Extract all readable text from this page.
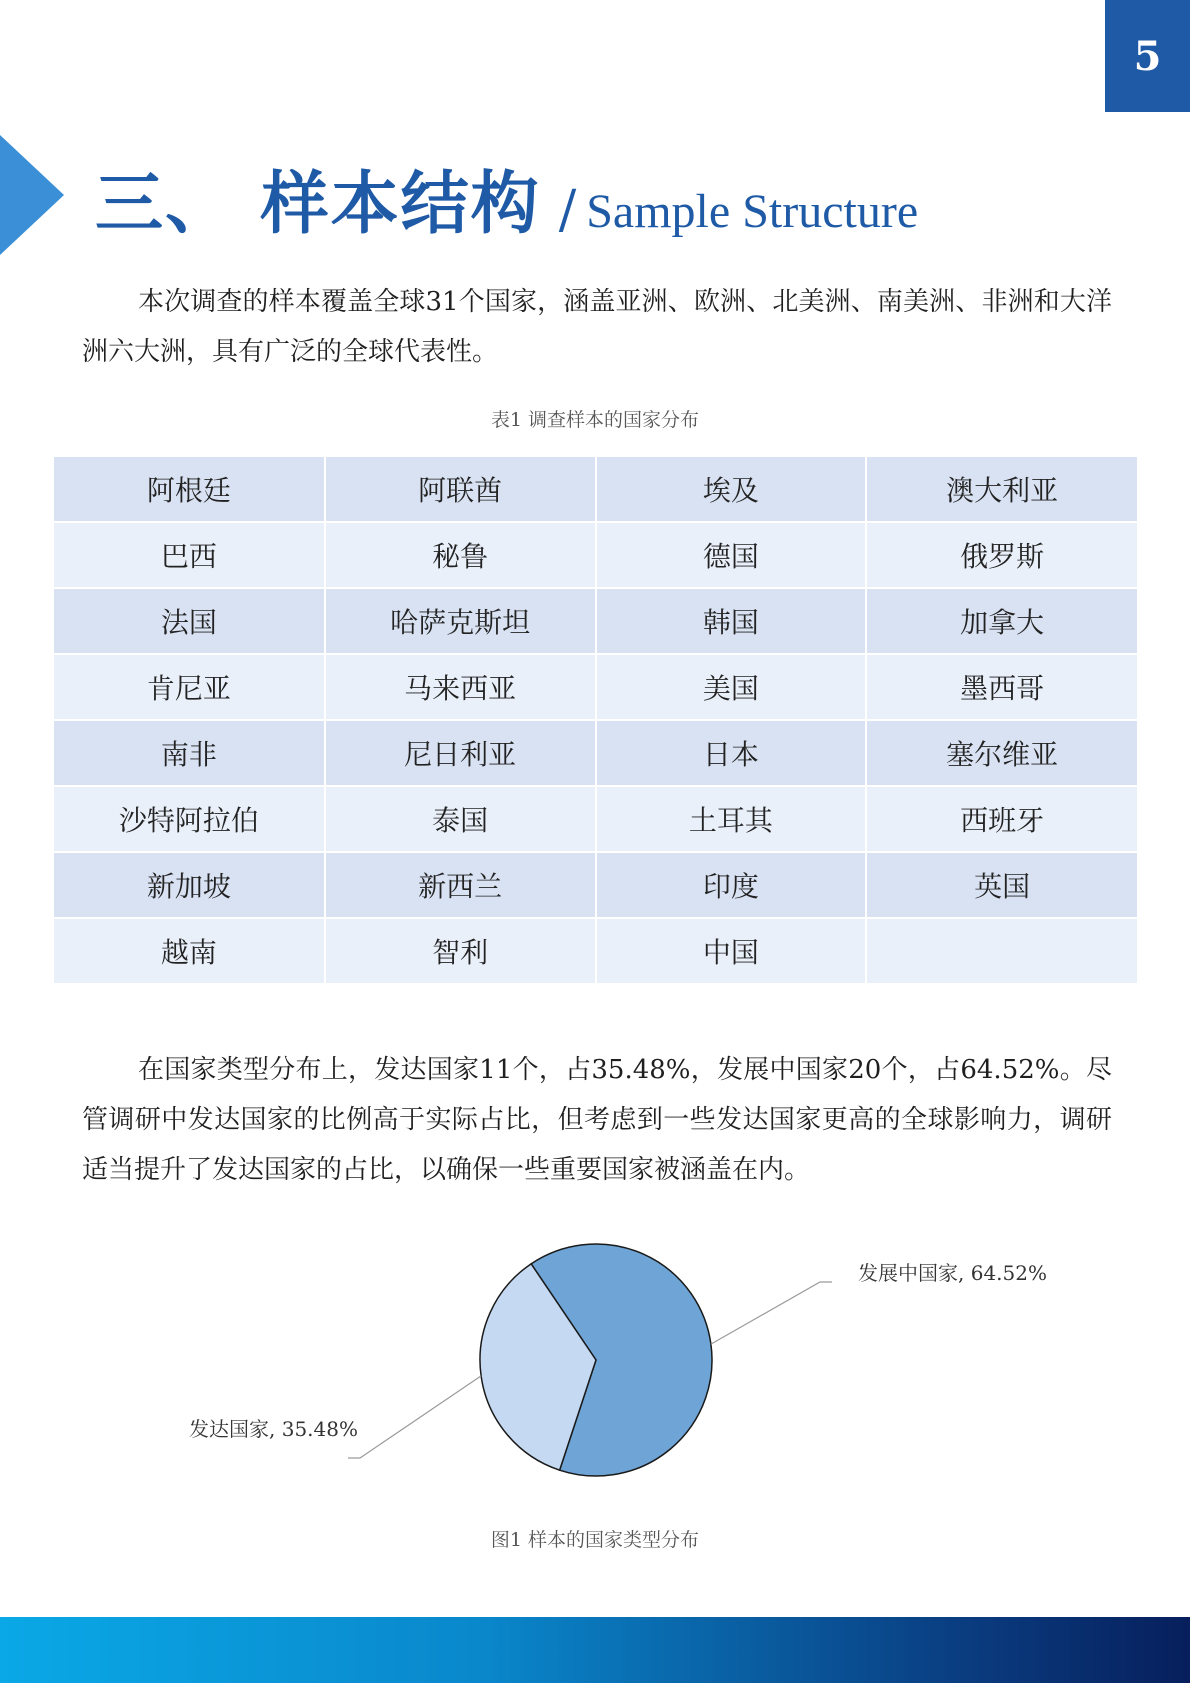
5
三、 样本结构 / Sample Structure

本次调查的样本覆盖全球31个国家，涵盖亚洲、欧洲、北美洲、南美洲、非洲和大洋洲六大洲，具有广泛的全球代表性。

表1 调查样本的国家分布
阿根廷	阿联酋	埃及	澳大利亚
巴西	秘鲁	德国	俄罗斯
法国	哈萨克斯坦	韩国	加拿大
肯尼亚	马来西亚	美国	墨西哥
南非	尼日利亚	日本	塞尔维亚
沙特阿拉伯	泰国	土耳其	西班牙
新加坡	新西兰	印度	英国
越南	智利	中国	

在国家类型分布上，发达国家11个，占35.48%，发展中国家20个，占64.52%。尽管调研中发达国家的比例高于实际占比，但考虑到一些发达国家更高的全球影响力，调研适当提升了发达国家的占比，以确保一些重要国家被涵盖在内。

发展中国家, 64.52%
发达国家, 35.48%
图1 样本的国家类型分布
